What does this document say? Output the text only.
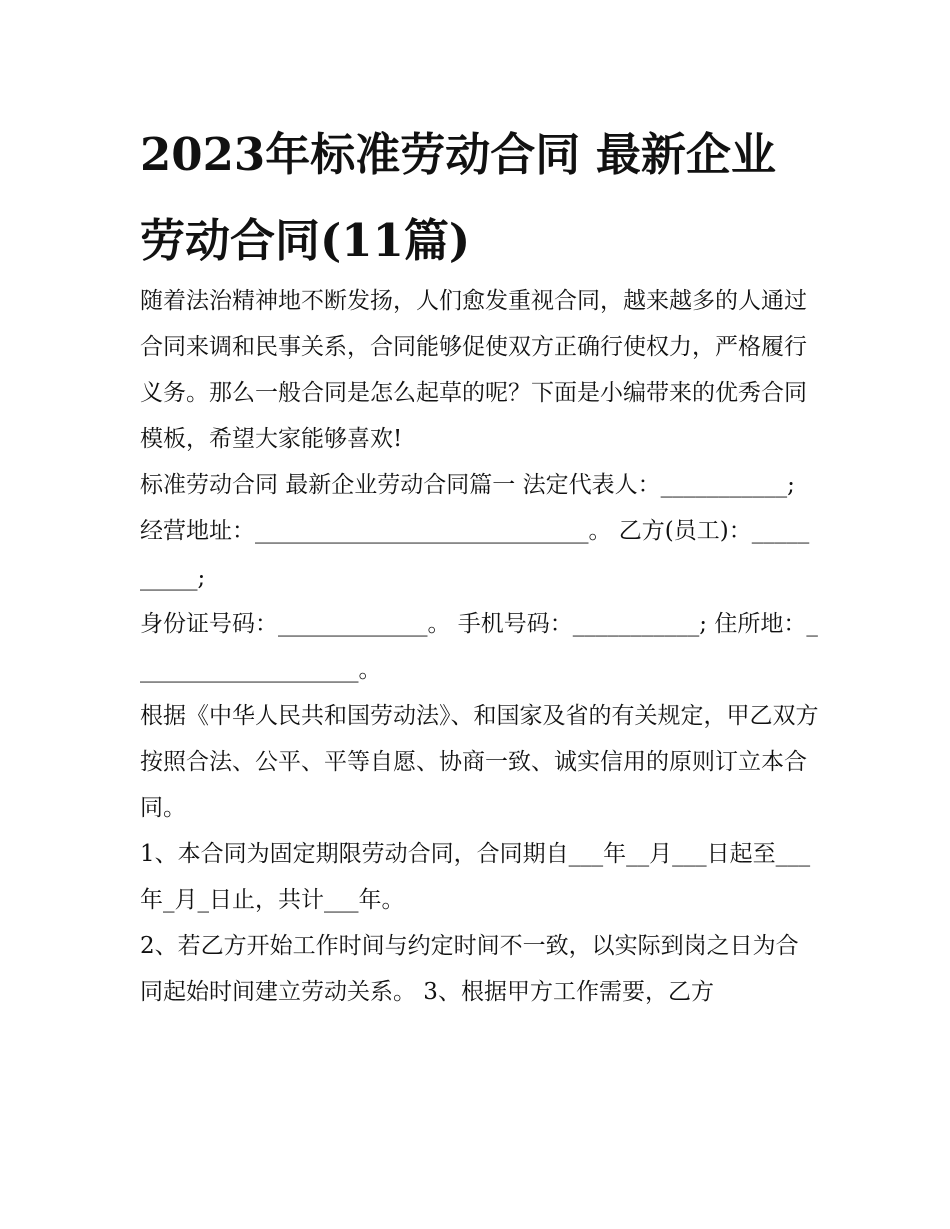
2023年标准劳动合同 最新企业劳动合同(11篇)

随着法治精神地不断发扬，人们愈发重视合同，越来越多的人通过合同来调和民事关系，合同能够促使双方正确行使权力，严格履行义务。那么一般合同是怎么起草的呢？下面是小编带来的优秀合同模板，希望大家能够喜欢!

标准劳动合同 最新企业劳动合同篇一 法定代表人：___________;

经营地址：_____________________________。 乙方(员工)：__________;

身份证号码：_____________。 手机号码：___________; 住所地：____________________。

根据《中华人民共和国劳动法》、和国家及省的有关规定，甲乙双方按照合法、公平、平等自愿、协商一致、诚实信用的原则订立本合同。

1、本合同为固定期限劳动合同，合同期自___年__月___日起至___年_月_日止，共计___年。

2、若乙方开始工作时间与约定时间不一致，以实际到岗之日为合同起始时间建立劳动关系。 3、根据甲方工作需要，乙方
